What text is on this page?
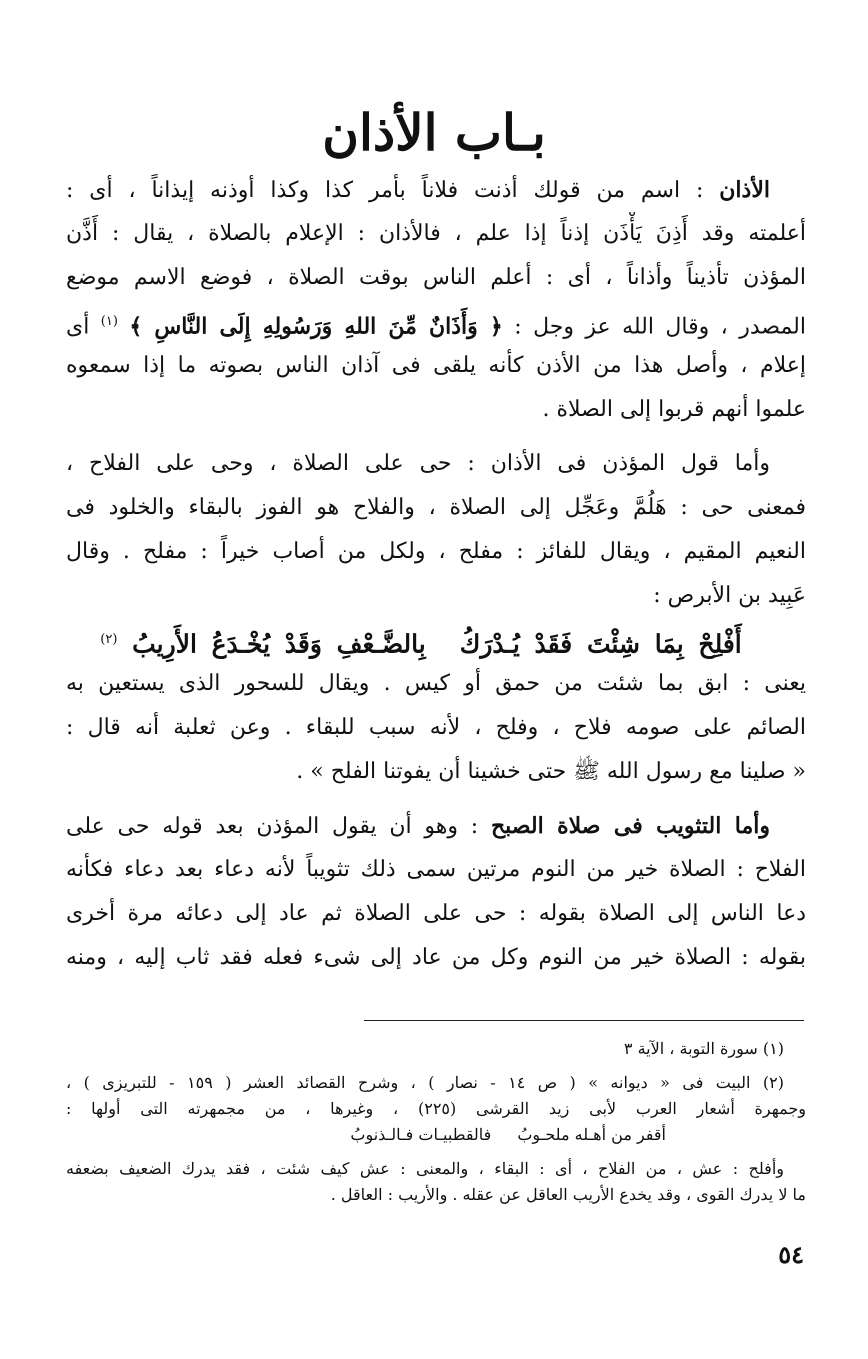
بـاب الأذان
الأذان : اسم من قولك أذنت فلاناً بأمر كذا وكذا أوذنه إيذاناً ، أى :
أعلمته وقد أَذِنَ يَأْذَن إذناً إذا علم ، فالأذان : الإعلام بالصلاة ، يقال : أَذَّن
المؤذن تأذيناً وأذاناً ، أى : أعلم الناس بوقت الصلاة ، فوضع الاسم موضع
المصدر ، وقال الله عز وجل : ﴿ وَأَذَانٌ مِّنَ اللهِ وَرَسُولِهِ إِلَى النَّاسِ ﴾ $^{(١)}$ أى
إعلام ، وأصل هذا من الأذن كأنه يلقى فى آذان الناس بصوته ما إذا سمعوه
علموا أنهم قربوا إلى الصلاة .
وأما قول المؤذن فى الأذان : حى على الصلاة ، وحى على الفلاح ،
فمعنى حى : هَلُمَّ وعَجِّل إلى الصلاة ، والفلاح هو الفوز بالبقاء والخلود فى
النعيم المقيم ، ويقال للفائز : مفلح ، ولكل من أصاب خيراً : مفلح . وقال
عَبِيد بن الأبرص :
أَفْلِحْ بِمَا شِئْتَ فَقَدْ يُـدْرَكُبِالضَّـعْفِ وَقَدْ يُخْـدَعُ الأَرِيبُ $^{(٢)}$
يعنى : ابق بما شئت من حمق أو كيس . ويقال للسحور الذى يستعين به
الصائم على صومه فلاح ، وفلح ، لأنه سبب للبقاء . وعن ثعلبة أنه قال :
« صلينا مع رسول الله ﷺ حتى خشينا أن يفوتنا الفلح » .
وأما التثويب فى صلاة الصبح : وهو أن يقول المؤذن بعد قوله حى على
الفلاح : الصلاة خير من النوم مرتين سمى ذلك تثويباً لأنه دعاء بعد دعاء فكأنه
دعا الناس إلى الصلاة بقوله : حى على الصلاة ثم عاد إلى دعائه مرة أخرى
بقوله : الصلاة خير من النوم وكل من عاد إلى شىء فعله فقد ثاب إليه ، ومنه
(١) سورة التوبة ، الآية ٣
(٢) البيت فى « ديوانه » ( ص ١٤ - نصار ) ، وشرح القصائد العشر ( ١٥٩ - للتبريزى ) ،
وجمهرة أشعار العرب لأبى زيد القرشى (٢٢٥) ، وغيرها ، من مجمهرته التى أولها :
أقفر من أهـله ملحـوبُفالقطبيـات فـالـذنوبُ
وأفلح : عش ، من الفلاح ، أى : البقاء ، والمعنى : عش كيف شئت ، فقد يدرك الضعيف بضعفه
ما لا يدرك القوى ، وقد يخدع الأريب العاقل عن عقله . والأريب : العاقل .
٥٤
